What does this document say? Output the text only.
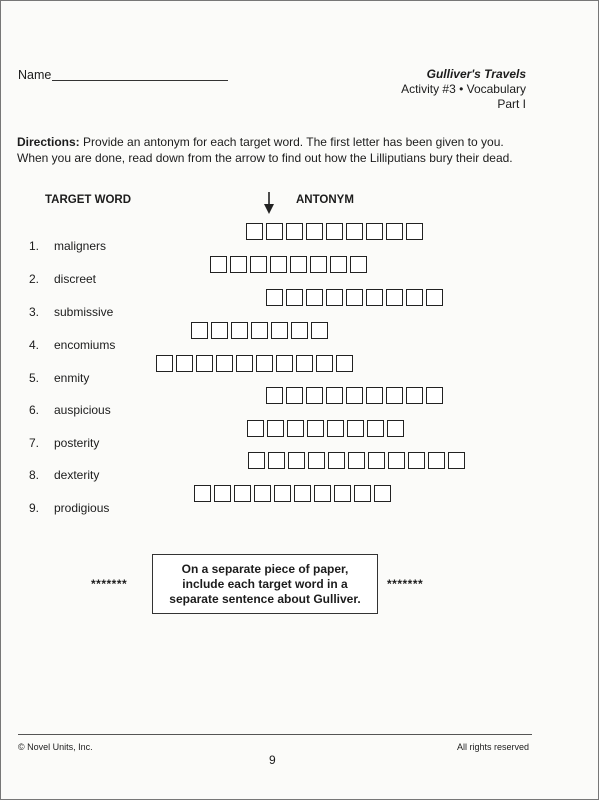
Name	Gulliver's Travels
Activity #3 • Vocabulary
Part I
Directions: Provide an antonym for each target word. The first letter has been given to you. When you are done, read down from the arrow to find out how the Lilliputians bury their dead.
TARGET WORD	ANTONYM
1. maligners
2. discreet
3. submissive
4. encomiums
5. enmity
6. auspicious
7. posterity
8. dexterity
9. prodigious
*******
On a separate piece of paper,
include each target word in a
separate sentence about Gulliver.
*******
© Novel Units, Inc.	All rights reserved
9
